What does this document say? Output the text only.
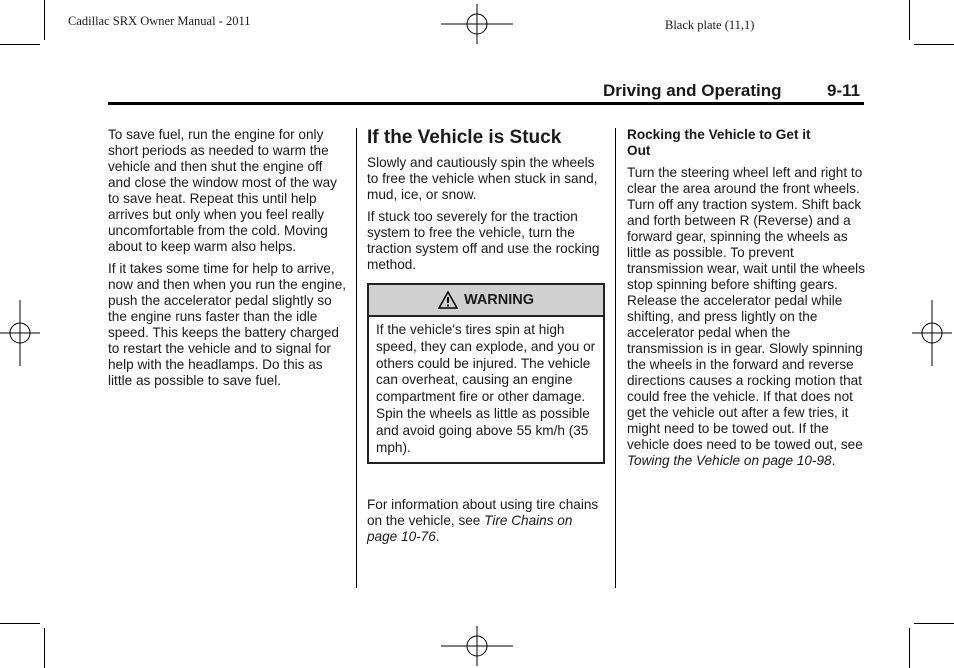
Cadillac SRX Owner Manual - 2011	Black plate (11,1)
Driving and Operating	9-11

To save fuel, run the engine for only short periods as needed to warm the vehicle and then shut the engine off and close the window most of the way to save heat. Repeat this until help arrives but only when you feel really uncomfortable from the cold. Moving about to keep warm also helps.

If it takes some time for help to arrive, now and then when you run the engine, push the accelerator pedal slightly so the engine runs faster than the idle speed. This keeps the battery charged to restart the vehicle and to signal for help with the headlamps. Do this as little as possible to save fuel.

If the Vehicle is Stuck

Slowly and cautiously spin the wheels to free the vehicle when stuck in sand, mud, ice, or snow.

If stuck too severely for the traction system to free the vehicle, turn the traction system off and use the rocking method.

WARNING
If the vehicle's tires spin at high speed, they can explode, and you or others could be injured. The vehicle can overheat, causing an engine compartment fire or other damage. Spin the wheels as little as possible and avoid going above 55 km/h (35 mph).

For information about using tire chains on the vehicle, see Tire Chains on page 10-76.

Rocking the Vehicle to Get it Out

Turn the steering wheel left and right to clear the area around the front wheels. Turn off any traction system. Shift back and forth between R (Reverse) and a forward gear, spinning the wheels as little as possible. To prevent transmission wear, wait until the wheels stop spinning before shifting gears. Release the accelerator pedal while shifting, and press lightly on the accelerator pedal when the transmission is in gear. Slowly spinning the wheels in the forward and reverse directions causes a rocking motion that could free the vehicle. If that does not get the vehicle out after a few tries, it might need to be towed out. If the vehicle does need to be towed out, see Towing the Vehicle on page 10-98.
